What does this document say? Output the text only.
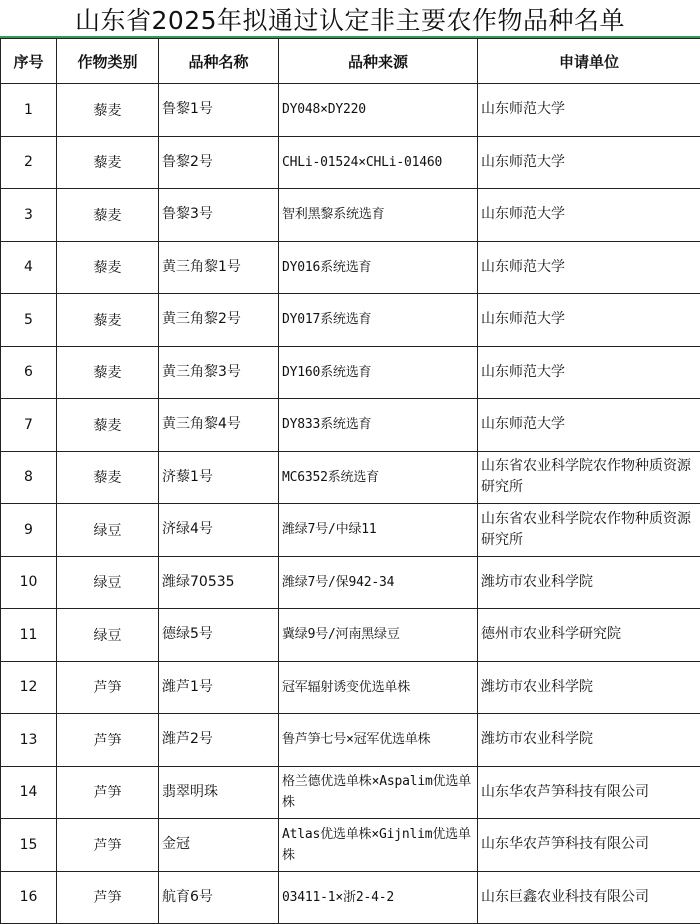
山东省2025年拟通过认定非主要农作物品种名单
序号	作物类别	品种名称	品种来源	申请单位
1	藜麦	鲁黎1号	DY048×DY220	山东师范大学
2	藜麦	鲁黎2号	CHLi-01524×CHLi-01460	山东师范大学
3	藜麦	鲁黎3号	智利黑黎系统选育	山东师范大学
4	藜麦	黄三角黎1号	DY016系统选育	山东师范大学
5	藜麦	黄三角黎2号	DY017系统选育	山东师范大学
6	藜麦	黄三角黎3号	DY160系统选育	山东师范大学
7	藜麦	黄三角黎4号	DY833系统选育	山东师范大学
8	藜麦	济藜1号	MC6352系统选育	山东省农业科学院农作物种质资源研究所
9	绿豆	济绿4号	潍绿7号/中绿11	山东省农业科学院农作物种质资源研究所
10	绿豆	潍绿70535	潍绿7号/保942-34	潍坊市农业科学院
11	绿豆	德绿5号	冀绿9号/河南黑绿豆	德州市农业科学研究院
12	芦笋	潍芦1号	冠军辐射诱变优选单株	潍坊市农业科学院
13	芦笋	潍芦2号	鲁芦笋七号×冠军优选单株	潍坊市农业科学院
14	芦笋	翡翠明珠	格兰德优选单株×Aspalim优选单株	山东华农芦笋科技有限公司
15	芦笋	金冠	Atlas优选单株×Gijnlim优选单株	山东华农芦笋科技有限公司
16	芦笋	航育6号	03411-1×浙2-4-2	山东巨鑫农业科技有限公司
